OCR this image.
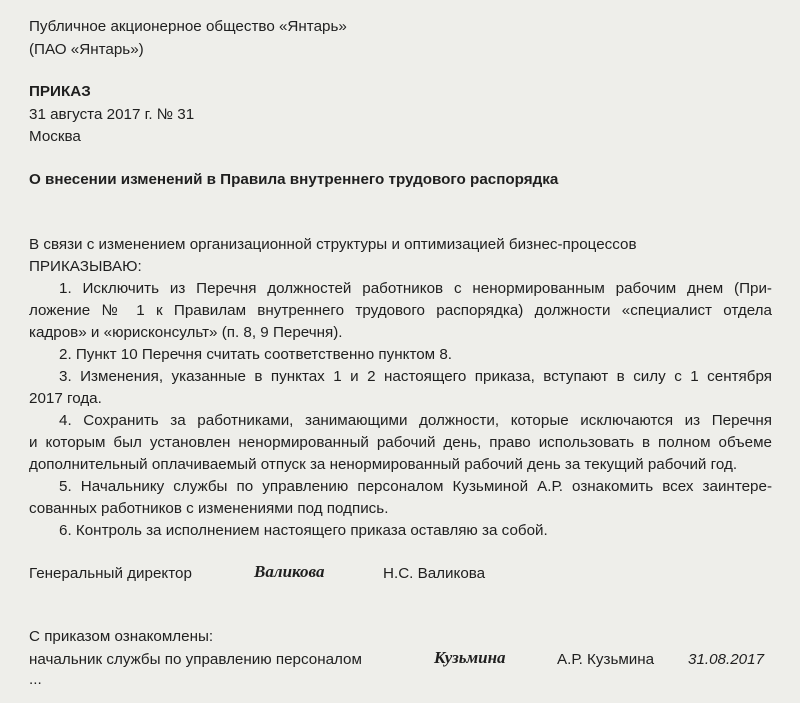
Публичное акционерное общество «Янтарь»
(ПАО «Янтарь»)
ПРИКАЗ
31 августа 2017 г. № 31
Москва
О внесении изменений в Правила внутреннего трудового распорядка
В связи с изменением организационной структуры и оптимизацией бизнес-процессов
ПРИКАЗЫВАЮ:
1. Исключить из Перечня должностей работников с ненормированным рабочим днем (При-
ложение № 1 к Правилам внутреннего трудового распорядка) должности «специалист отдела
кадров» и «юрисконсульт» (п. 8, 9 Перечня).
2. Пункт 10 Перечня считать соответственно пунктом 8.
3. Изменения, указанные в пунктах 1 и 2 настоящего приказа, вступают в силу с 1 сентября
2017 года.
4. Сохранить за работниками, занимающими должности, которые исключаются из Перечня
и которым был установлен ненормированный рабочий день, право использовать в полном объеме
дополнительный оплачиваемый отпуск за ненормированный рабочий день за текущий рабочий год.
5. Начальнику службы по управлению персоналом Кузьминой А.Р. ознакомить всех заинтере-
сованных работников с изменениями под подпись.
6. Контроль за исполнением настоящего приказа оставляю за собой.
Генеральный директор	Валикова	Н.С. Валикова
С приказом ознакомлены:
начальник службы по управлению персоналом	Кузьмина	А.Р. Кузьмина 31.08.2017
...
